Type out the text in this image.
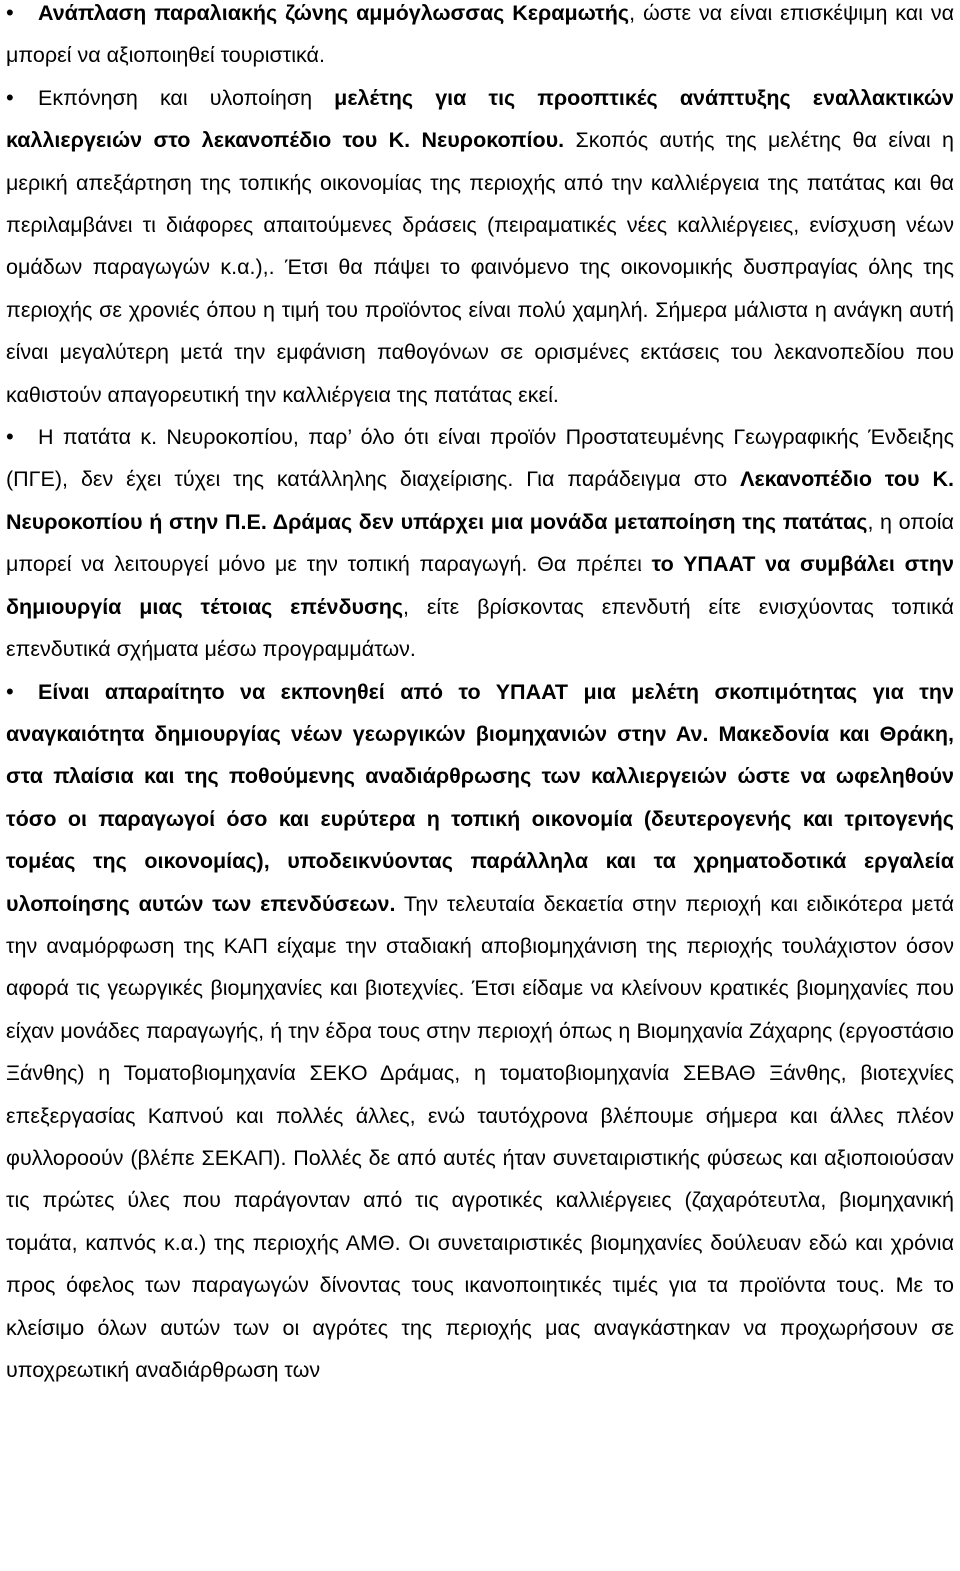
• Ανάπλαση παραλιακής ζώνης αμμόγλωσσας Κεραμωτής, ώστε να είναι επισκέψιμη και να μπορεί να αξιοποιηθεί τουριστικά.

• Εκπόνηση και υλοποίηση μελέτης για τις προοπτικές ανάπτυξης εναλλακτικών καλλιεργειών στο λεκανοπέδιο του Κ. Νευροκοπίου. Σκοπός αυτής της μελέτης θα είναι η μερική απεξάρτηση της τοπικής οικονομίας της περιοχής από την καλλιέργεια της πατάτας και θα περιλαμβάνει τι διάφορες απαιτούμενες δράσεις (πειραματικές νέες καλλιέργειες, ενίσχυση νέων ομάδων παραγωγών κ.α.),. Έτσι θα πάψει το φαινόμενο της οικονομικής δυσπραγίας όλης της περιοχής σε χρονιές όπου η τιμή του προϊόντος είναι πολύ χαμηλή. Σήμερα μάλιστα η ανάγκη αυτή είναι μεγαλύτερη μετά την εμφάνιση παθογόνων σε ορισμένες εκτάσεις του λεκανοπεδίου που καθιστούν απαγορευτική την καλλιέργεια της πατάτας εκεί.

• Η πατάτα κ. Νευροκοπίου, παρ’ όλο ότι είναι προϊόν Προστατευμένης Γεωγραφικής Ένδειξης (ΠΓΕ), δεν έχει τύχει της κατάλληλης διαχείρισης. Για παράδειγμα στο Λεκανοπέδιο του Κ. Νευροκοπίου ή στην Π.Ε. Δράμας δεν υπάρχει μια μονάδα μεταποίηση της πατάτας, η οποία μπορεί να λειτουργεί μόνο με την τοπική παραγωγή. Θα πρέπει το ΥΠΑΑΤ να συμβάλει στην δημιουργία μιας τέτοιας επένδυσης, είτε βρίσκοντας επενδυτή είτε ενισχύοντας τοπικά επενδυτικά σχήματα μέσω προγραμμάτων.

• Είναι απαραίτητο να εκπονηθεί από το ΥΠΑΑΤ μια μελέτη σκοπιμότητας για την αναγκαιότητα δημιουργίας νέων γεωργικών βιομηχανιών στην Αν. Μακεδονία και Θράκη, στα πλαίσια και της ποθούμενης αναδιάρθρωσης των καλλιεργειών ώστε να ωφεληθούν τόσο οι παραγωγοί όσο και ευρύτερα η τοπική οικονομία (δευτερογενής και τριτογενής τομέας της οικονομίας), υποδεικνύοντας παράλληλα και τα χρηματοδοτικά εργαλεία υλοποίησης αυτών των επενδύσεων. Την τελευταία δεκαετία στην περιοχή και ειδικότερα μετά την αναμόρφωση της ΚΑΠ είχαμε την σταδιακή αποβιομηχάνιση της περιοχής τουλάχιστον όσον αφορά τις γεωργικές βιομηχανίες και βιοτεχνίες. Έτσι είδαμε να κλείνουν κρατικές βιομηχανίες που είχαν μονάδες παραγωγής, ή την έδρα τους στην περιοχή όπως η Βιομηχανία Ζάχαρης (εργοστάσιο Ξάνθης) η Τοματοβιομηχανία ΣΕΚΟ Δράμας, η τοματοβιομηχανία ΣΕΒΑΘ Ξάνθης, βιοτεχνίες επεξεργασίας Καπνού και πολλές άλλες, ενώ ταυτόχρονα βλέπουμε σήμερα και άλλες πλέον φυλλοροούν (βλέπε ΣΕΚΑΠ). Πολλές δε από αυτές ήταν συνεταιριστικής φύσεως και αξιοποιούσαν τις πρώτες ύλες που παράγονταν από τις αγροτικές καλλιέργειες (ζαχαρότευτλα, βιομηχανική τομάτα, καπνός κ.α.) της περιοχής ΑΜΘ. Οι συνεταιριστικές βιομηχανίες δούλευαν εδώ και χρόνια προς όφελος των παραγωγών δίνοντας τους ικανοποιητικές τιμές για τα προϊόντα τους. Με το κλείσιμο όλων αυτών των οι αγρότες της περιοχής μας αναγκάστηκαν να προχωρήσουν σε υποχρεωτική αναδιάρθρωση των
